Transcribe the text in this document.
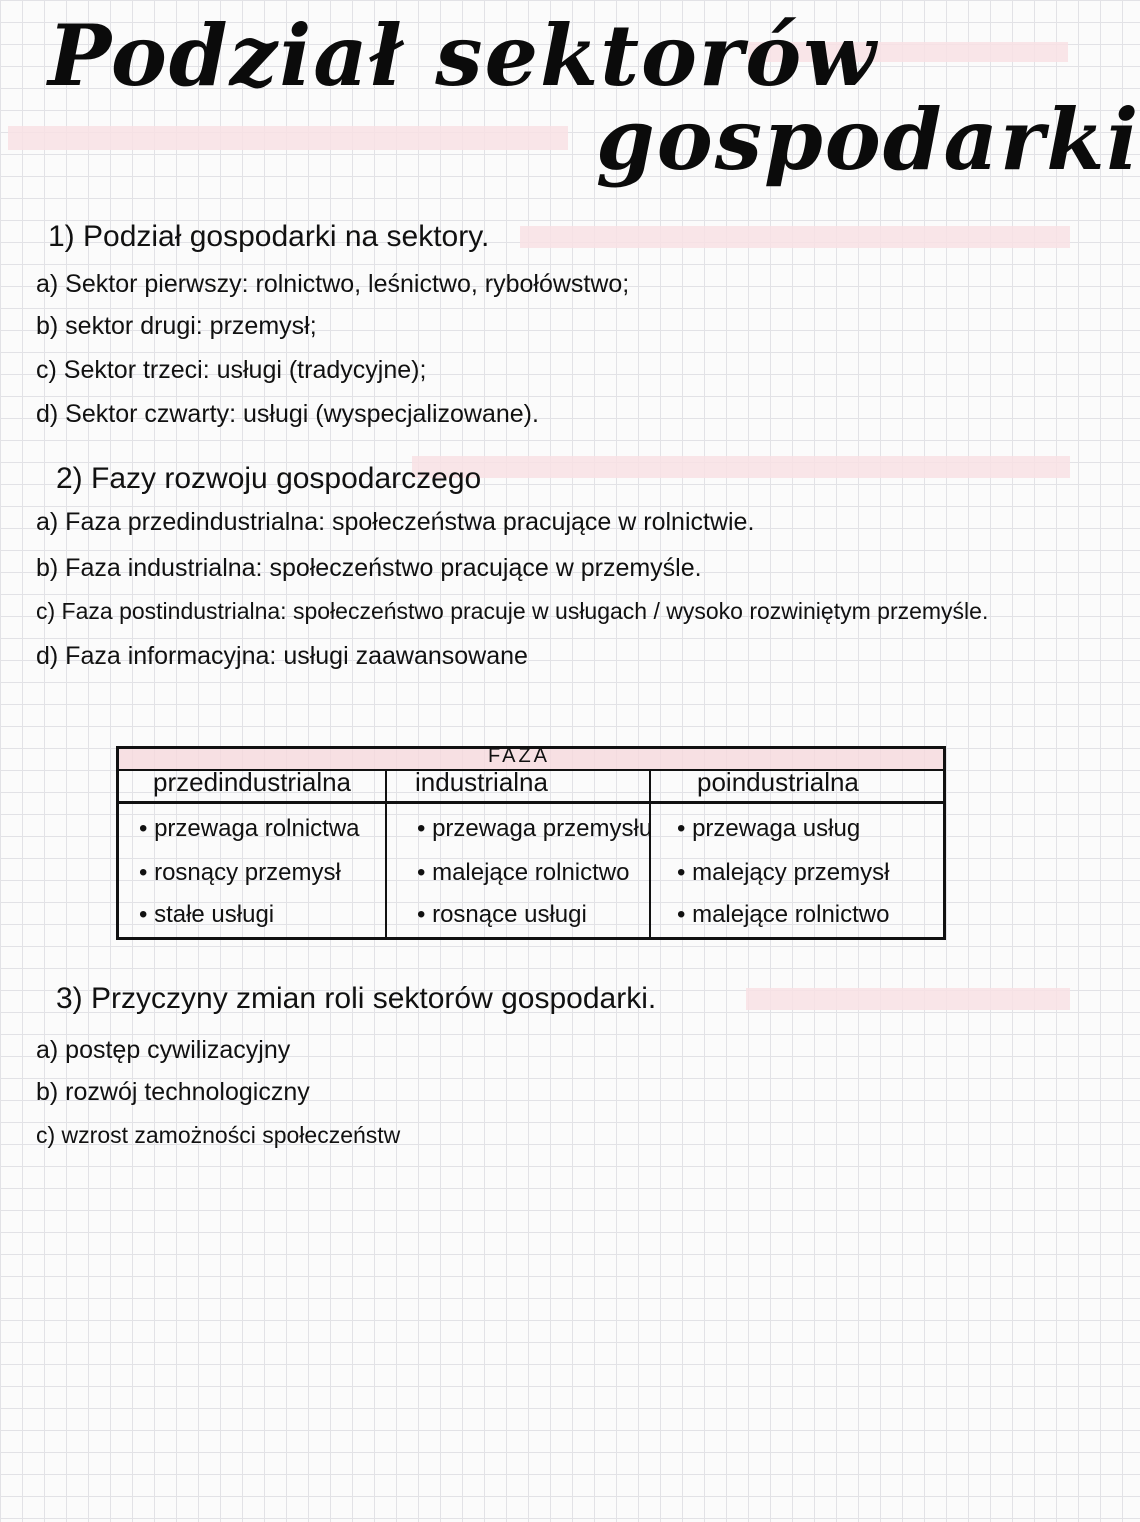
Podział sektorów
gospodarki
1) Podział gospodarki na sektory.

a) Sektor pierwszy: rolnictwo, leśnictwo, rybołówstwo;

b) sektor drugi: przemysł;

c) Sektor trzeci: usługi (tradycyjne);

d) Sektor czwarty: usługi (wyspecjalizowane).

2) Fazy rozwoju gospodarczego

a) Faza przedindustrialna: społeczeństwa pracujące w rolnictwie.

b) Faza industrialna: społeczeństwo pracujące w przemyśle.

c) Faza postindustrialna: społeczeństwo pracuje w usługach / wysoko rozwiniętym przemyśle.

d) Faza informacyjna: usługi zaawansowane

FAZA
przedindustrialna industrialna	poindustrialna
• przewaga rolnictwa
• rosnący przemysł
• stałe usługi
• przewaga przemysłu
• malejące rolnictwo
• rosnące usługi
• przewaga usług
• malejący przemysł
• malejące rolnictwo
3) Przyczyny zmian roli sektorów gospodarki.

a) postęp cywilizacyjny

b) rozwój technologiczny

c) wzrost zamożności społeczeństw
